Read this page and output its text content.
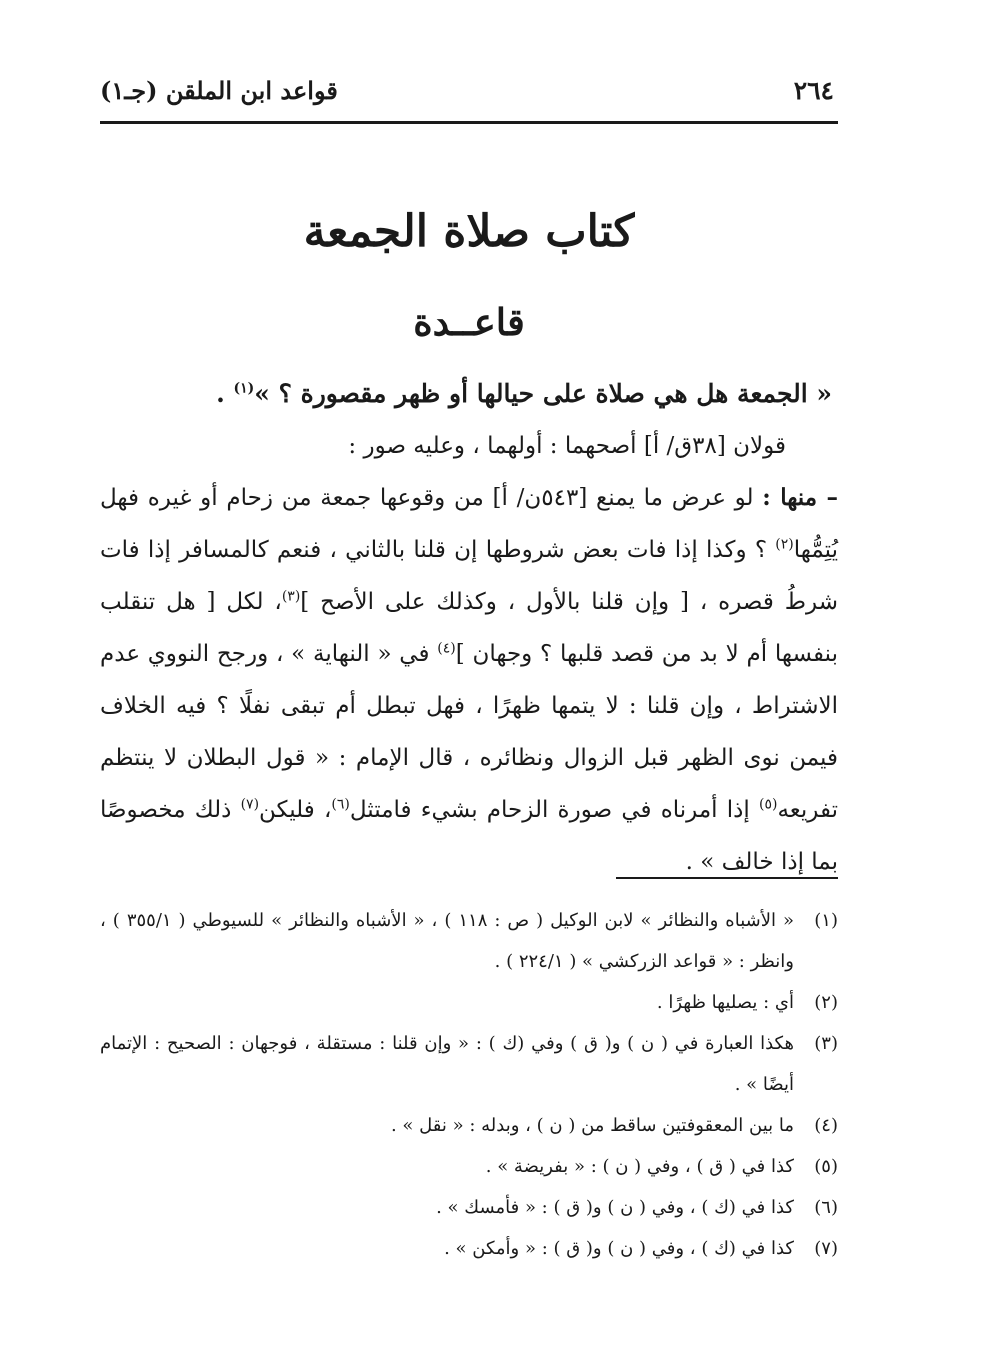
٢٦٤
قواعد ابن الملقن (جـ١)
كتاب صلاة الجمعة
قاعــدة

« الجمعة هل هي صلاة على حيالها أو ظهر مقصورة ؟ »$^{(١)}$ .

قولان [٣٨ق/ أ] أصحهما : أولهما ، وعليه صور :

– منها : لو عرض ما يمنع [٥٤٣ن/ أ] من وقوعها جمعة من زحام أو غيره فهل يُتِمُّها$^{(٢)}$ ؟ وكذا إذا فات بعض شروطها إن قلنا بالثاني ، فنعم كالمسافر إذا فات شرطُ قصره ، [ وإن قلنا بالأول ، وكذلك على الأصح ]$^{(٣)}$، لكل [ هل تنقلب بنفسها أم لا بد من قصد قلبها ؟ وجهان ]$^{(٤)}$ في « النهاية » ، ورجح النووي عدم الاشتراط ، وإن قلنا : لا يتمها ظهرًا ، فهل تبطل أم تبقى نفلًا ؟ فيه الخلاف فيمن نوى الظهر قبل الزوال ونظائره ، قال الإمام : « قول البطلان لا ينتظم تفريعه$^{(٥)}$ إذا أمرناه في صورة الزحام بشيء فامتثل$^{(٦)}$، فليكن$^{(٧)}$ ذلك مخصوصًا بما إذا خالف » .

(١)
« الأشباه والنظائر » لابن الوكيل ( ص : ١١٨ ) ، « الأشباه والنظائر » للسيوطي ( ٣٥٥/١ ) ، وانظر : « قواعد الزركشي » ( ٢٢٤/١ ) .
(٢)
أي : يصليها ظهرًا .
(٣)
هكذا العبارة في ( ن ) و( ق ) وفي (ك ) : « وإن قلنا : مستقلة ، فوجهان : الصحيح : الإتمام أيضًا » .
(٤)
ما بين المعقوفتين ساقط من ( ن ) ، وبدله : « نقل » .
(٥)
كذا في ( ق ) ، وفي ( ن ) : « بفريضة » .
(٦)
كذا في (ك ) ، وفي ( ن ) و( ق ) : « فأمسك » .
(٧)
كذا في (ك ) ، وفي ( ن ) و( ق ) : « وأمكن » .
